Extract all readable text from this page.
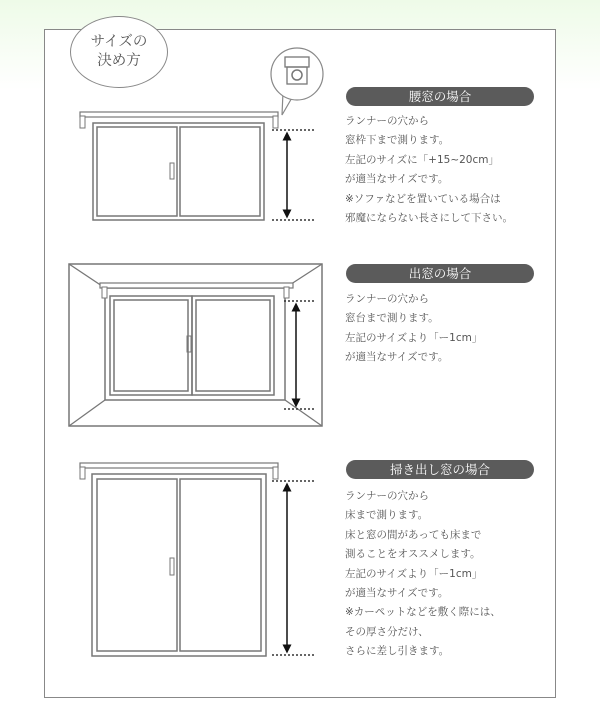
サイズの
決め方
腰窓の場合
ランナーの穴から
窓枠下まで測ります。
左記のサイズに「+15~20cm」
が適当なサイズです。
※ソファなどを置いている場合は
邪魔にならない長さにして下さい。
出窓の場合
ランナーの穴から
窓台まで測ります。
左記のサイズより「ー1cm」
が適当なサイズです。
掃き出し窓の場合
ランナーの穴から
床まで測ります。
床と窓の間があっても床まで
測ることをオススメします。
左記のサイズより「ー1cm」
が適当なサイズです。
※カーペットなどを敷く際には、
その厚さ分だけ、
さらに差し引きます。
